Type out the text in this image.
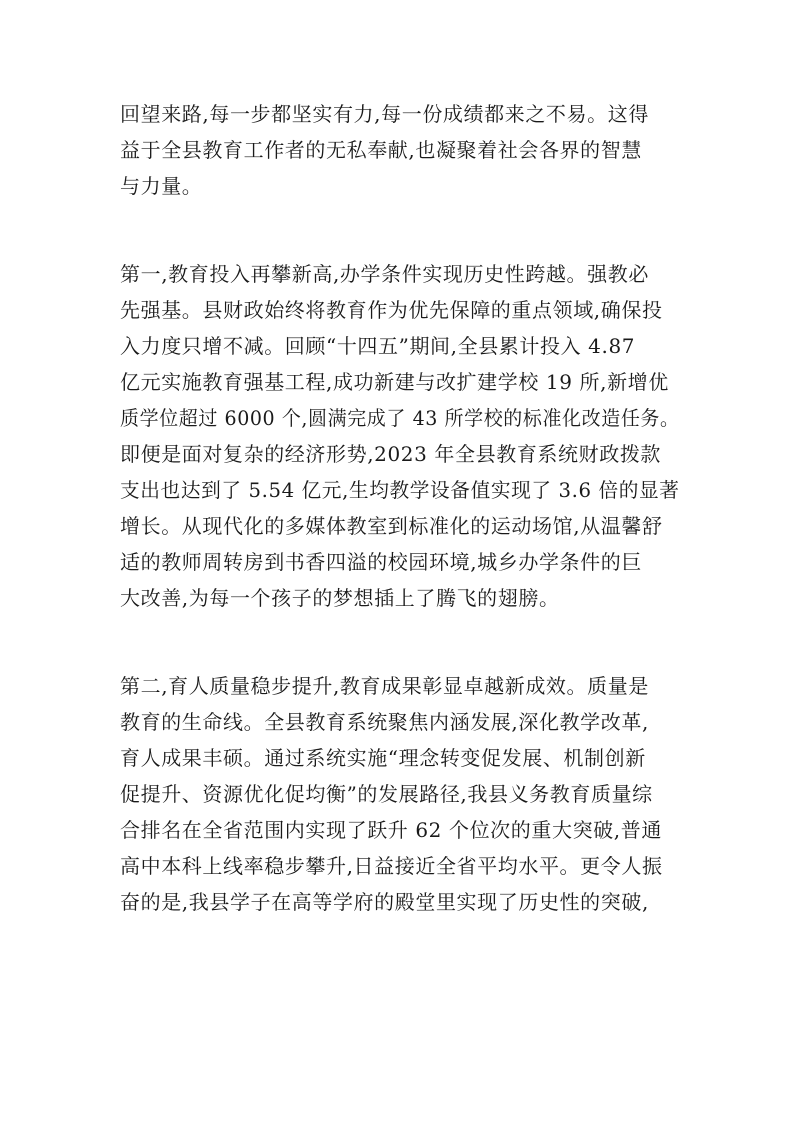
回望来路,每一步都坚实有力,每一份成绩都来之不易。这得
益于全县教育工作者的无私奉献,也凝聚着社会各界的智慧
与力量。
第一,教育投入再攀新高,办学条件实现历史性跨越。强教必
先强基。县财政始终将教育作为优先保障的重点领域,确保投
入力度只增不减。回顾“十四五”期间,全县累计投入 4.87
亿元实施教育强基工程,成功新建与改扩建学校 19 所,新增优
质学位超过 6000 个,圆满完成了 43 所学校的标准化改造任务。
即便是面对复杂的经济形势,2023 年全县教育系统财政拨款
支出也达到了 5.54 亿元,生均教学设备值实现了 3.6 倍的显著
增长。从现代化的多媒体教室到标准化的运动场馆,从温馨舒
适的教师周转房到书香四溢的校园环境,城乡办学条件的巨
大改善,为每一个孩子的梦想插上了腾飞的翅膀。
第二,育人质量稳步提升,教育成果彰显卓越新成效。质量是
教育的生命线。全县教育系统聚焦内涵发展,深化教学改革,
育人成果丰硕。通过系统实施“理念转变促发展、机制创新
促提升、资源优化促均衡”的发展路径,我县义务教育质量综
合排名在全省范围内实现了跃升 62 个位次的重大突破,普通
高中本科上线率稳步攀升,日益接近全省平均水平。更令人振
奋的是,我县学子在高等学府的殿堂里实现了历史性的突破,
